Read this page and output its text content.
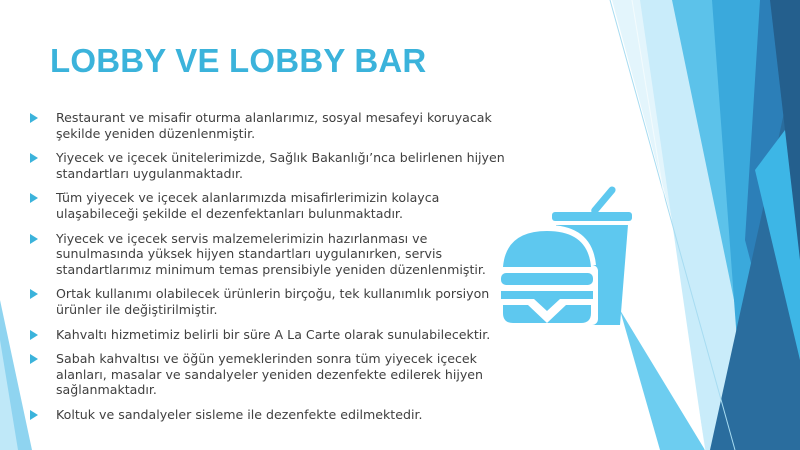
LOBBY VE LOBBY BAR
Restaurant ve misafir oturma alanlarımız, sosyal mesafeyi koruyacak şekilde yeniden düzenlenmiştir.
Yiyecek ve içecek ünitelerimizde, Sağlık Bakanlığı’nca belirlenen hijyen standartları uygulanmaktadır.
Tüm yiyecek ve içecek alanlarımızda misafirlerimizin kolayca ulaşabileceği şekilde el dezenfektanları bulunmaktadır.
Yiyecek ve içecek servis malzemelerimizin hazırlanması ve sunulmasında yüksek hijyen standartları uygulanırken, servis standartlarımız minimum temas prensibiyle yeniden düzenlenmiştir.
Ortak kullanımı olabilecek ürünlerin birçoğu, tek kullanımlık porsiyon ürünler ile değiştirilmiştir.
Kahvaltı hizmetimiz belirli bir süre A La Carte olarak sunulabilecektir.
Sabah kahvaltısı ve öğün yemeklerinden sonra tüm yiyecek içecek alanları, masalar ve sandalyeler yeniden dezenfekte edilerek hijyen sağlanmaktadır.
Koltuk ve sandalyeler sisleme ile dezenfekte edilmektedir.
